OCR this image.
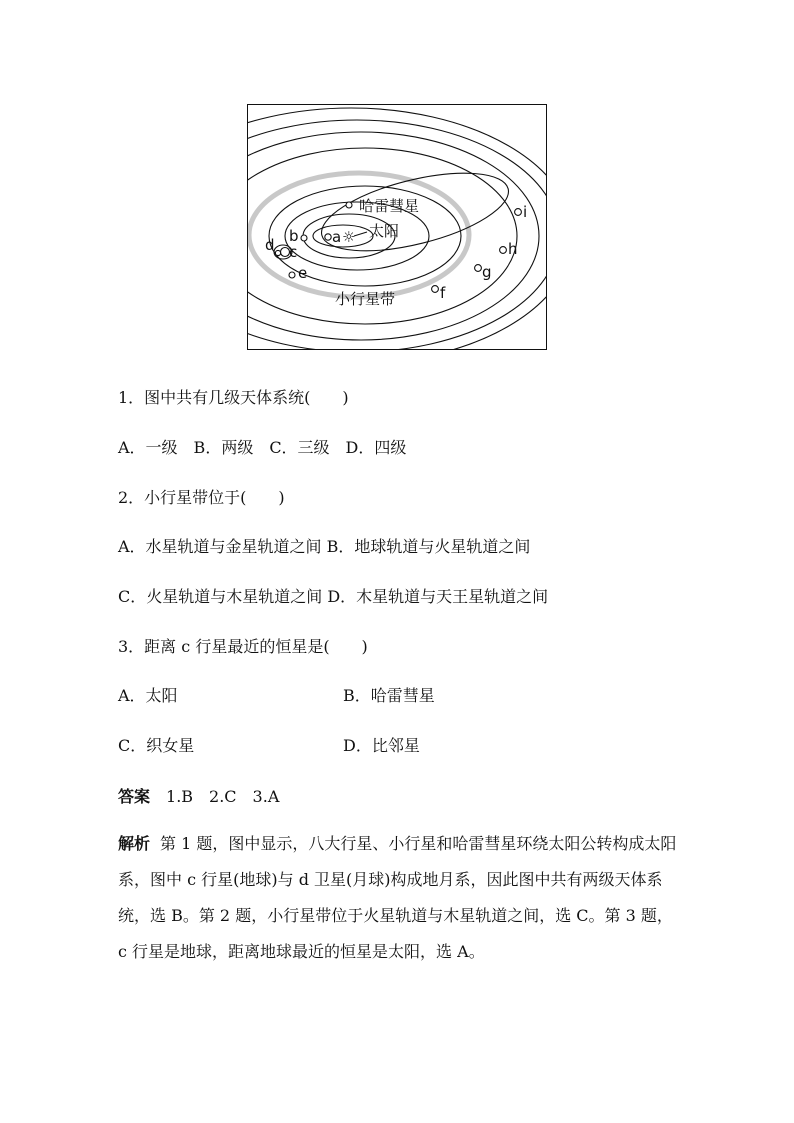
a ☼ 太阳
哈雷彗星
b
d c
e
小行星带	f
g
h
i
1．图中共有几级天体系统(　　)
A．一级　B．两级　C．三级　D．四级
2．小行星带位于(　　)
A．水星轨道与金星轨道之间 B．地球轨道与火星轨道之间
C．火星轨道与木星轨道之间 D．木星轨道与天王星轨道之间
3．距离 c 行星最近的恒星是(　　)
A．太阳	B．哈雷彗星
C．织女星	D．比邻星
答案 1.B　2.C　3.A
解析 第 1 题，图中显示，八大行星、小行星和哈雷彗星环绕太阳公转构成太阳系，图中 c 行星(地球)与 d 卫星(月球)构成地月系，因此图中共有两级天体系统，选 B。第 2 题，小行星带位于火星轨道与木星轨道之间，选 C。第 3 题，c 行星是地球，距离地球最近的恒星是太阳，选 A。
